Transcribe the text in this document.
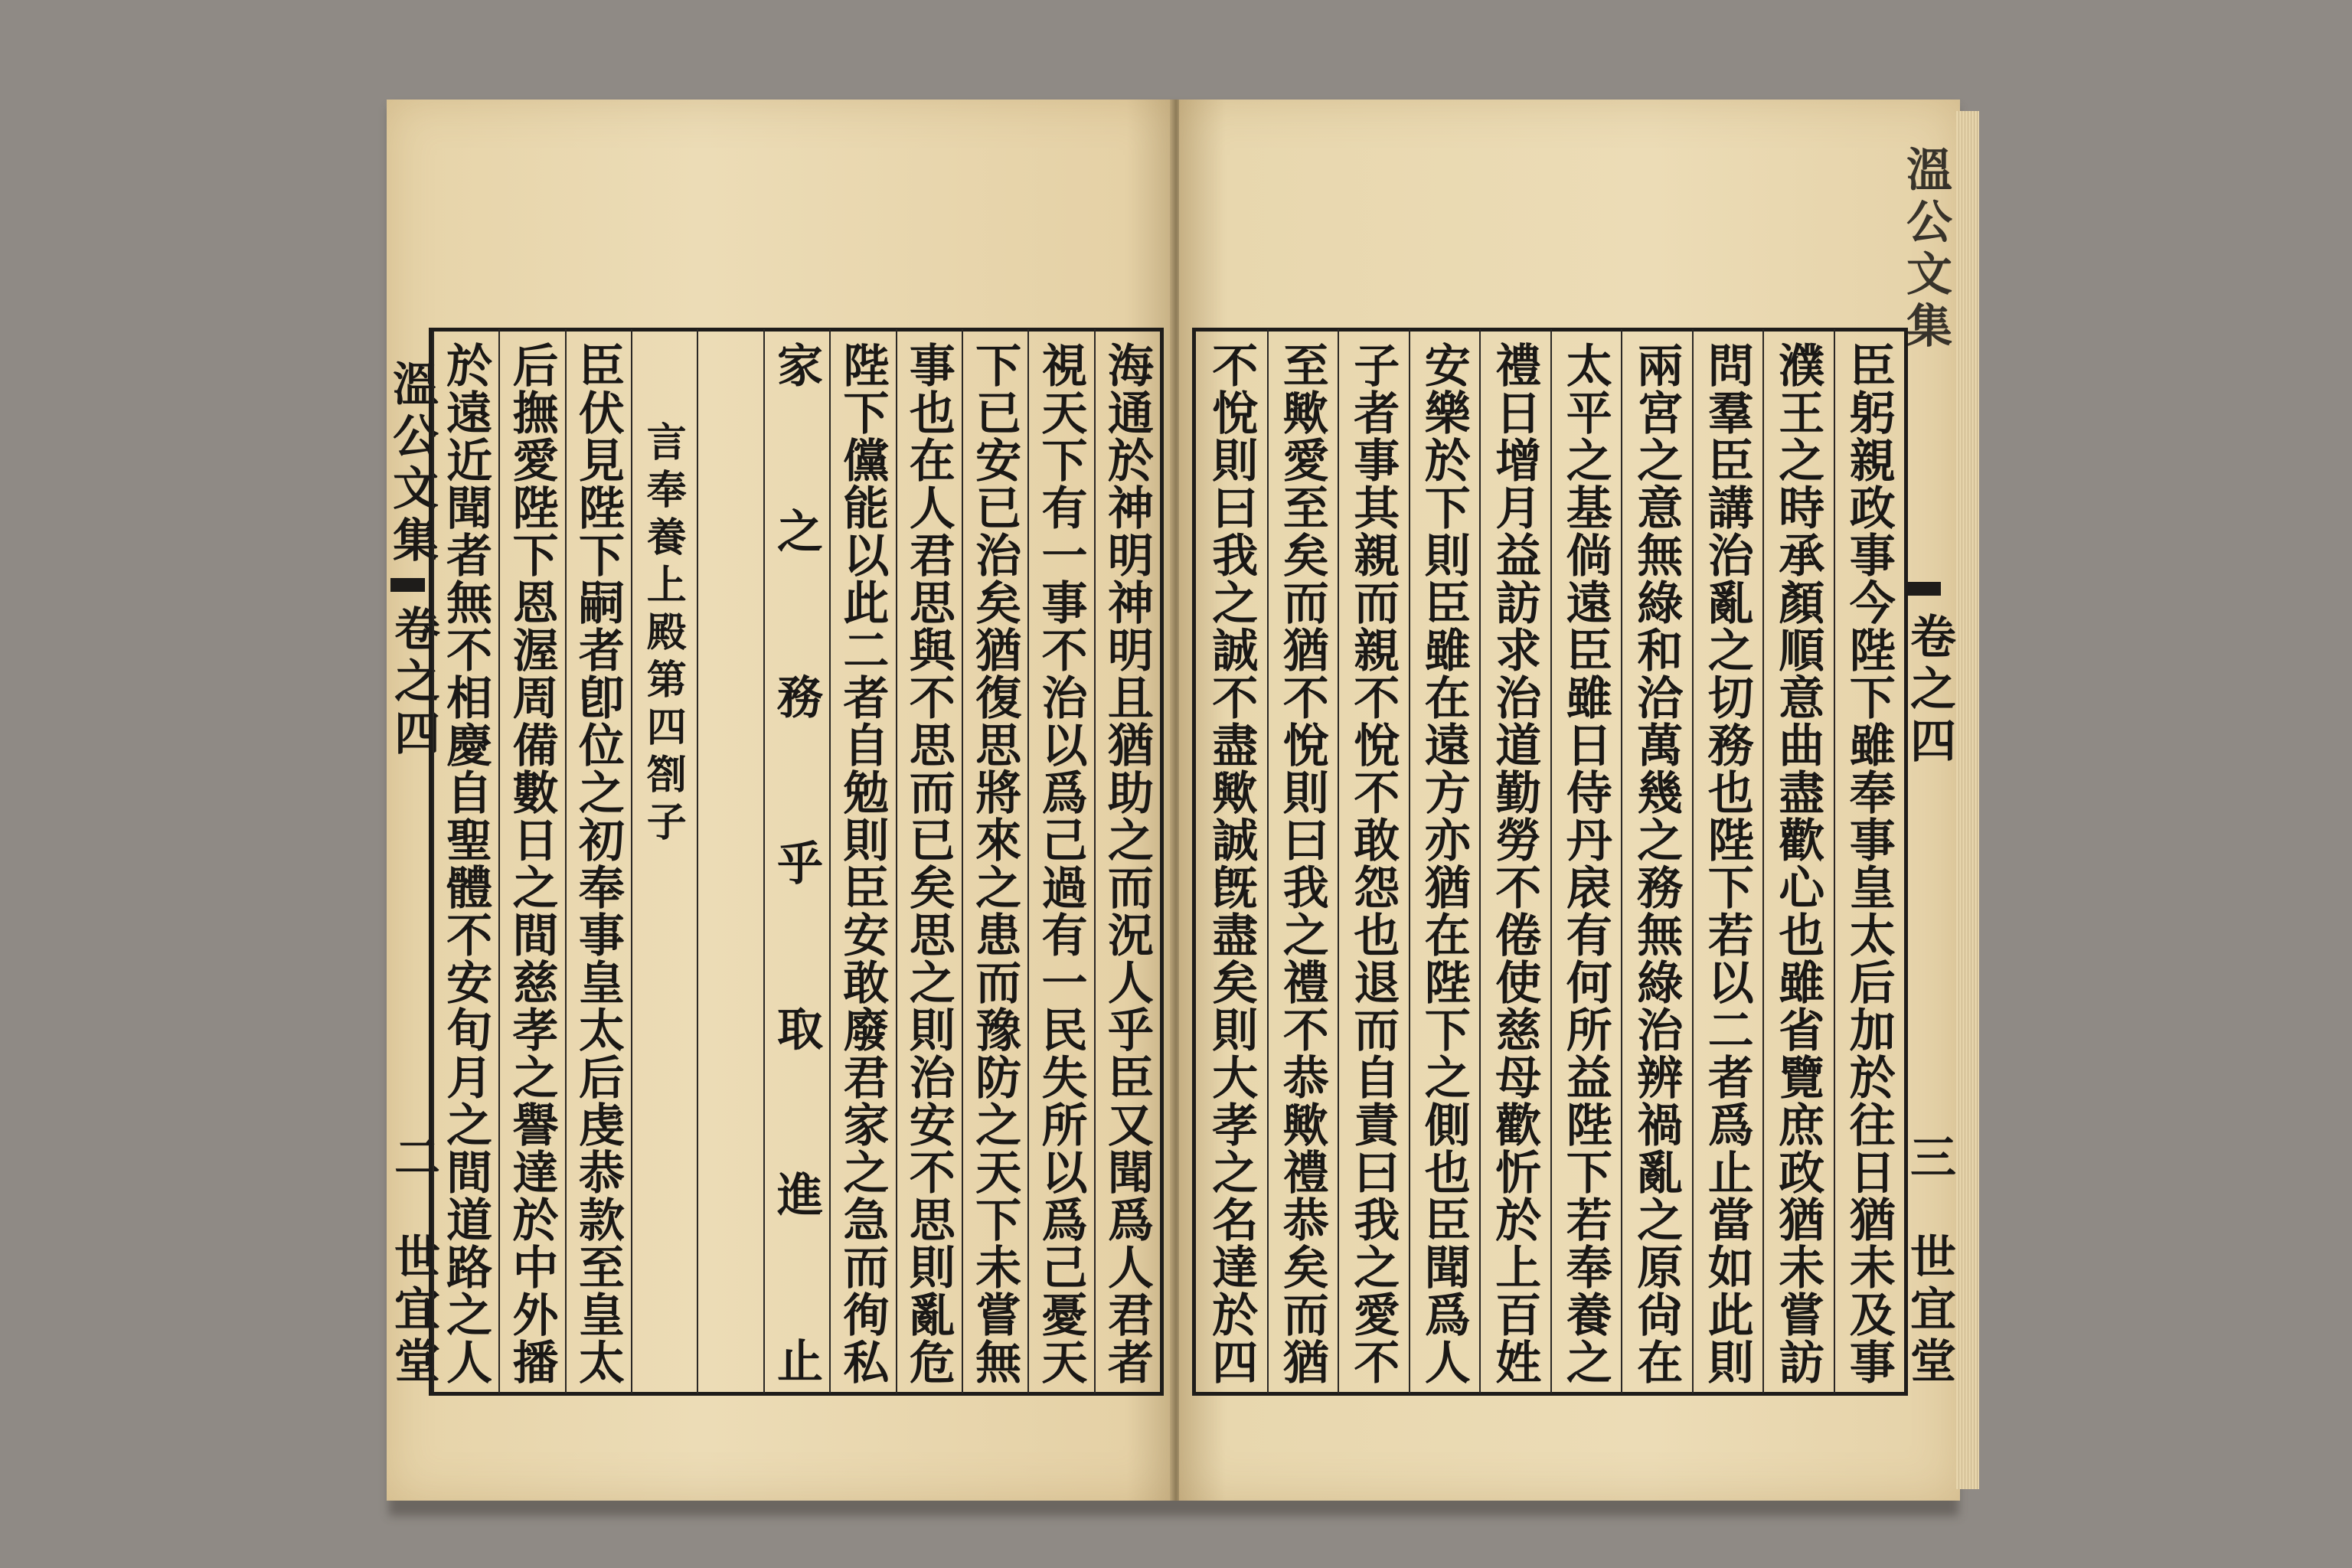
溫公文集
卷之四
二
世宜堂	海通於神明神明且猶助之而況人乎臣又聞爲人君者
視天下有一事不治以爲己過有一民失所以爲己憂天
下已安已治矣猶復思將來之患而豫防之天下未嘗無
事也在人君思與不思而已矣思之則治安不思則亂危
陛下儻能以此二者自勉則臣安敢廢君家之急而徇私
家之務乎取進止
言奉養上殿第四劄子
臣伏見陛下嗣者卽位之初奉事皇太后虔恭款至皇太
后撫愛陛下恩渥周備數日之間慈孝之譽達於中外播
於遠近聞者無不相慶自聖體不安旬月之間道路之人	臣躬親政事今陛下雖奉事皇太后加於往日猶未及事
濮王之時承顏順意曲盡歡心也雖省覽庶政猶未嘗訪
問羣臣講治亂之切務也陛下若以二者爲止當如此則
兩宮之意無綠和洽萬幾之務無綠治辨禍亂之原尙在
太平之基倘遠臣雖日侍丹扆有何所益陛下若奉養之
禮日增月益訪求治道勤勞不倦使慈母歡忻於上百姓
安樂於下則臣雖在遠方亦猶在陛下之側也臣聞爲人
子者事其親而親不悅不敢怨也退而自責曰我之愛不
至歟愛至矣而猶不悅則曰我之禮不恭歟禮恭矣而猶
不悅則曰我之誠不盡歟誠旣盡矣則大孝之名達於四
溫公文集
卷之四
三
世宜堂
